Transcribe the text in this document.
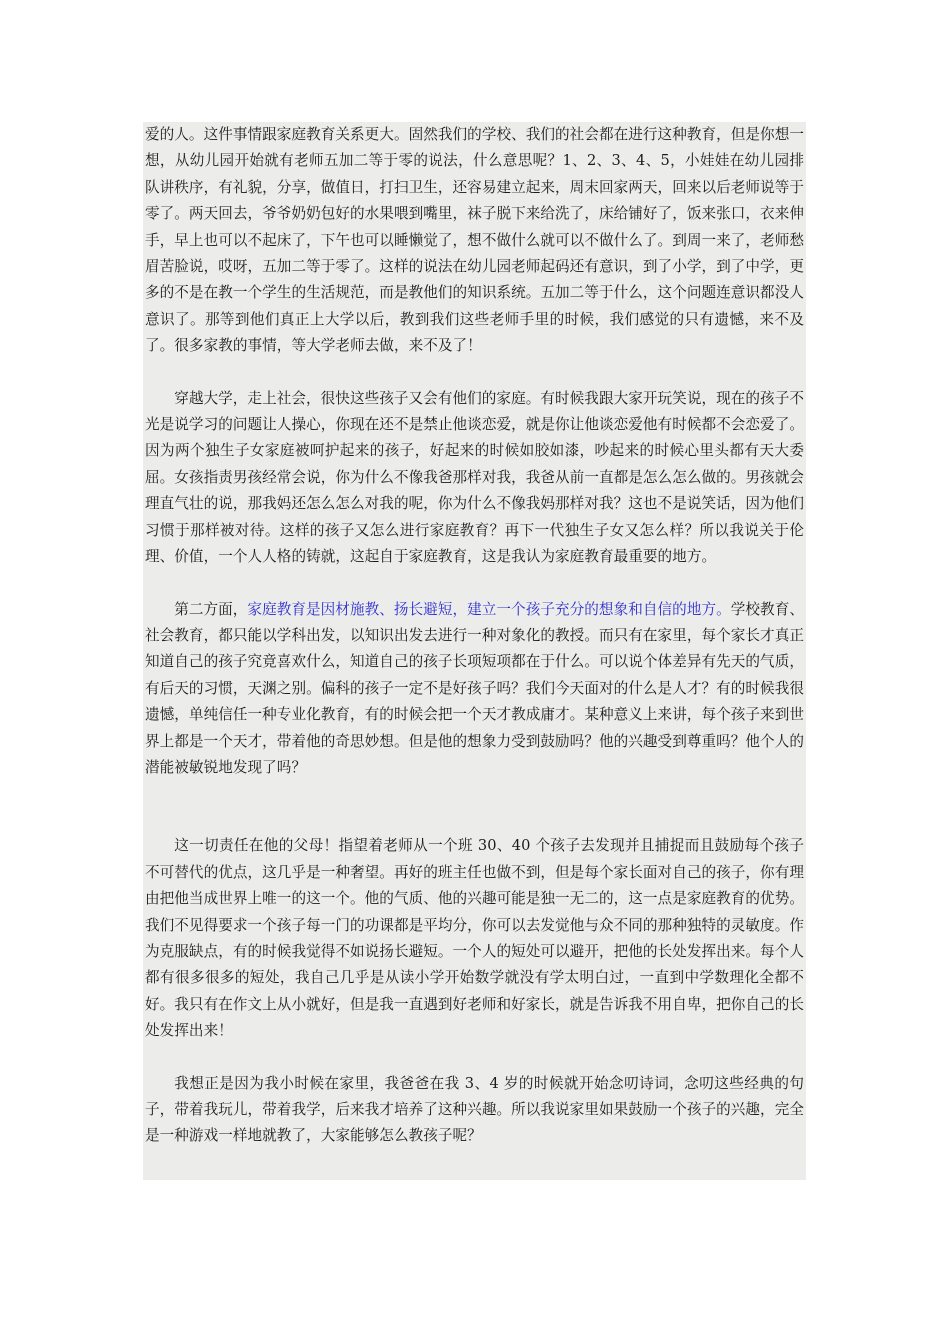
爱的人。这件事情跟家庭教育关系更大。固然我们的学校、我们的社会都在进行这种教育，但是你想一想，从幼儿园开始就有老师五加二等于零的说法，什么意思呢？1、2、3、4、5，小娃娃在幼儿园排队讲秩序，有礼貌，分享，做值日，打扫卫生，还容易建立起来，周末回家两天，回来以后老师说等于零了。两天回去，爷爷奶奶包好的水果喂到嘴里，袜子脱下来给洗了，床给铺好了，饭来张口，衣来伸手，早上也可以不起床了，下午也可以睡懒觉了，想不做什么就可以不做什么了。到周一来了，老师愁眉苦脸说，哎呀，五加二等于零了。这样的说法在幼儿园老师起码还有意识，到了小学，到了中学，更多的不是在教一个学生的生活规范，而是教他们的知识系统。五加二等于什么，这个问题连意识都没人意识了。那等到他们真正上大学以后，教到我们这些老师手里的时候，我们感觉的只有遗憾，来不及了。很多家教的事情，等大学老师去做，来不及了！

穿越大学，走上社会，很快这些孩子又会有他们的家庭。有时候我跟大家开玩笑说，现在的孩子不光是说学习的问题让人操心，你现在还不是禁止他谈恋爱，就是你让他谈恋爱他有时候都不会恋爱了。因为两个独生子女家庭被呵护起来的孩子，好起来的时候如胶如漆，吵起来的时候心里头都有天大委屈。女孩指责男孩经常会说，你为什么不像我爸那样对我，我爸从前一直都是怎么怎么做的。男孩就会理直气壮的说，那我妈还怎么怎么对我的呢，你为什么不像我妈那样对我？这也不是说笑话，因为他们习惯于那样被对待。这样的孩子又怎么进行家庭教育？再下一代独生子女又怎么样？所以我说关于伦理、价值，一个人人格的铸就，这起自于家庭教育，这是我认为家庭教育最重要的地方。

第二方面，家庭教育是因材施教、扬长避短，建立一个孩子充分的想象和自信的地方。学校教育、社会教育，都只能以学科出发，以知识出发去进行一种对象化的教授。而只有在家里，每个家长才真正知道自己的孩子究竟喜欢什么，知道自己的孩子长项短项都在于什么。可以说个体差异有先天的气质，有后天的习惯，天渊之别。偏科的孩子一定不是好孩子吗？我们今天面对的什么是人才？有的时候我很遗憾，单纯信任一种专业化教育，有的时候会把一个天才教成庸才。某种意义上来讲，每个孩子来到世界上都是一个天才，带着他的奇思妙想。但是他的想象力受到鼓励吗？他的兴趣受到尊重吗？他个人的潜能被敏锐地发现了吗？

这一切责任在他的父母！指望着老师从一个班 30、40 个孩子去发现并且捕捉而且鼓励每个孩子不可替代的优点，这几乎是一种奢望。再好的班主任也做不到，但是每个家长面对自己的孩子，你有理由把他当成世界上唯一的这一个。他的气质、他的兴趣可能是独一无二的，这一点是家庭教育的优势。我们不见得要求一个孩子每一门的功课都是平均分，你可以去发觉他与众不同的那种独特的灵敏度。作为克服缺点，有的时候我觉得不如说扬长避短。一个人的短处可以避开，把他的长处发挥出来。每个人都有很多很多的短处，我自己几乎是从读小学开始数学就没有学太明白过，一直到中学数理化全都不好。我只有在作文上从小就好，但是我一直遇到好老师和好家长，就是告诉我不用自卑，把你自己的长处发挥出来！

我想正是因为我小时候在家里，我爸爸在我 3、4 岁的时候就开始念叨诗词，念叨这些经典的句子，带着我玩儿，带着我学，后来我才培养了这种兴趣。所以我说家里如果鼓励一个孩子的兴趣，完全是一种游戏一样地就教了，大家能够怎么教孩子呢？
